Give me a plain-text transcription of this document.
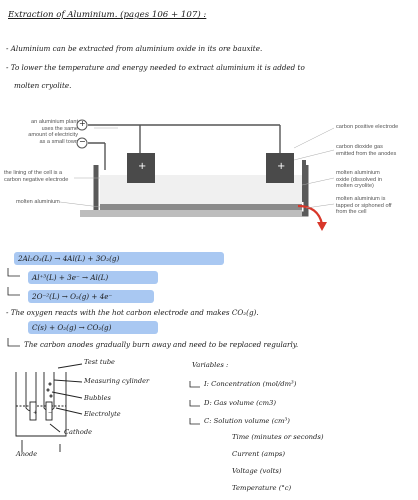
Extraction of Aluminium. (pages 106 + 107) :
- Aluminium can be extracted from aluminium oxide in its ore bauxite.
- To lower the temperature and energy needed to extract aluminium it is added to
molten cryolite.
+ −
an aluminium plant
uses the same
amount of electricity
as a small town
the lining of the cell is a
carbon negative electrode
molten aluminium
+
−
+	+
carbon positive electrode
carbon dioxide gas
emitted from the anodes
molten aluminium
oxide (dissolved in
molten cryolite)
molten aluminium is
tapped or siphoned off
from the cell
2Al₂O₃(L) → 4Al(L) + 3O₂(g)
Al⁺³(L) + 3e⁻ → Al(L)
2O⁻²(L) → O₂(g) + 4e⁻
- The oxygen reacts with the hot carbon electrode and makes CO₂(g).
C(s) + O₂(g) → CO₂(g)
The carbon anodes gradually burn away and need to be replaced regularly.
Test tube
Measuring cylinder
Bubbles
Electrolyte
Cathode
Anode
Variables :
I: Concentration (mol/dm³)
D: Gas volume (cm3)
C: Solution volume (cm³)
Time (minutes or seconds)
Current (amps)
Voltage (volts)
Temperature (°c)
